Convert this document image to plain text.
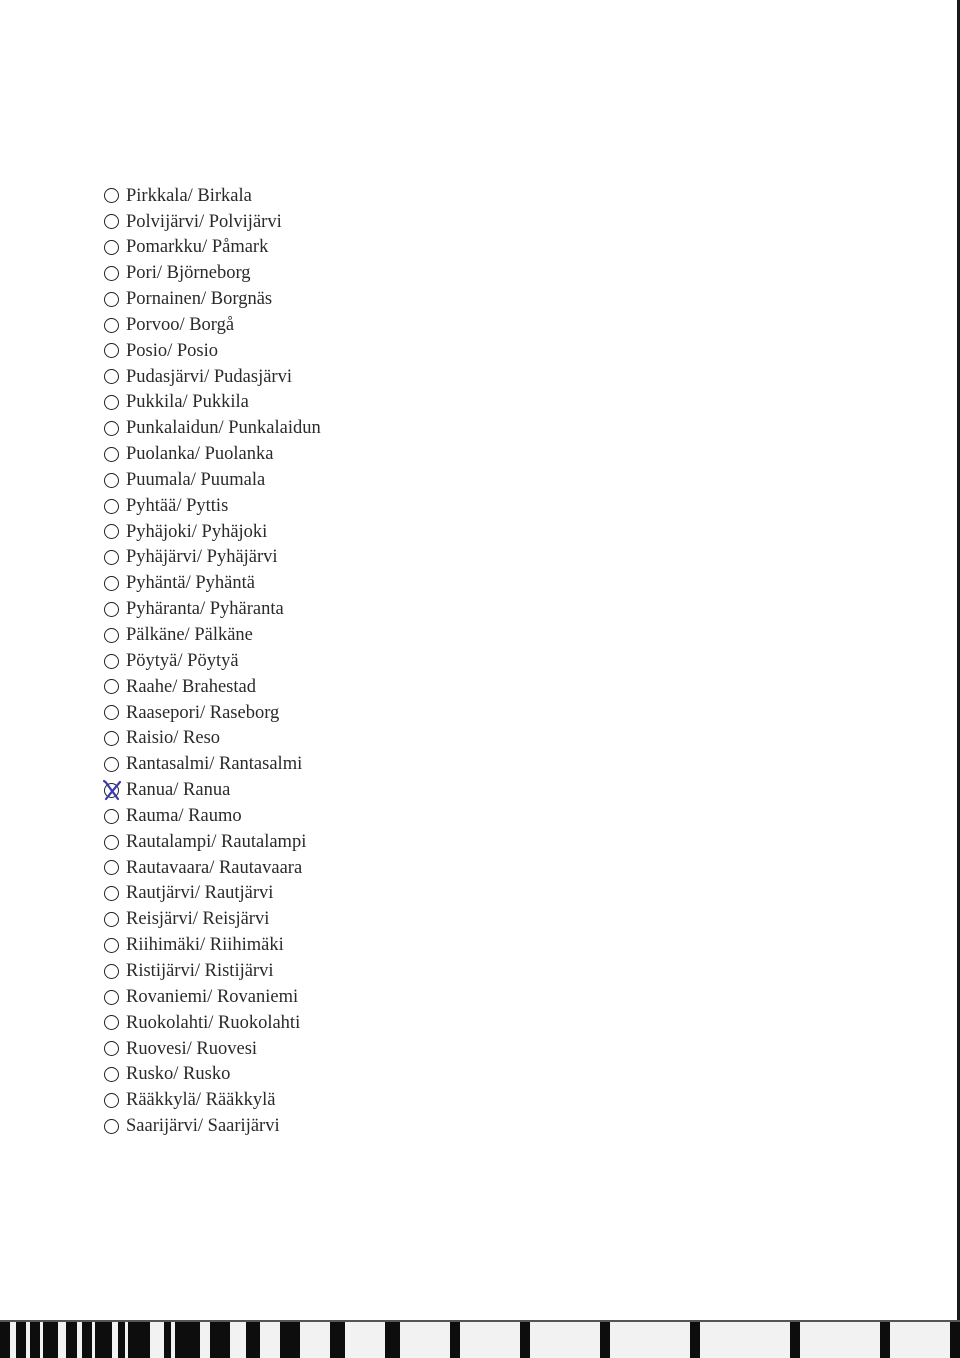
Pirkkala/ Birkala
Polvijärvi/ Polvijärvi
Pomarkku/ Påmark
Pori/ Björneborg
Pornainen/ Borgnäs
Porvoo/ Borgå
Posio/ Posio
Pudasjärvi/ Pudasjärvi
Pukkila/ Pukkila
Punkalaidun/ Punkalaidun
Puolanka/ Puolanka
Puumala/ Puumala
Pyhtää/ Pyttis
Pyhäjoki/ Pyhäjoki
Pyhäjärvi/ Pyhäjärvi
Pyhäntä/ Pyhäntä
Pyhäranta/ Pyhäranta
Pälkäne/ Pälkäne
Pöytyä/ Pöytyä
Raahe/ Brahestad
Raasepori/ Raseborg
Raisio/ Reso
Rantasalmi/ Rantasalmi
Ranua/ Ranua
Rauma/ Raumo
Rautalampi/ Rautalampi
Rautavaara/ Rautavaara
Rautjärvi/ Rautjärvi
Reisjärvi/ Reisjärvi
Riihimäki/ Riihimäki
Ristijärvi/ Ristijärvi
Rovaniemi/ Rovaniemi
Ruokolahti/ Ruokolahti
Ruovesi/ Ruovesi
Rusko/ Rusko
Rääkkylä/ Rääkkylä
Saarijärvi/ Saarijärvi
